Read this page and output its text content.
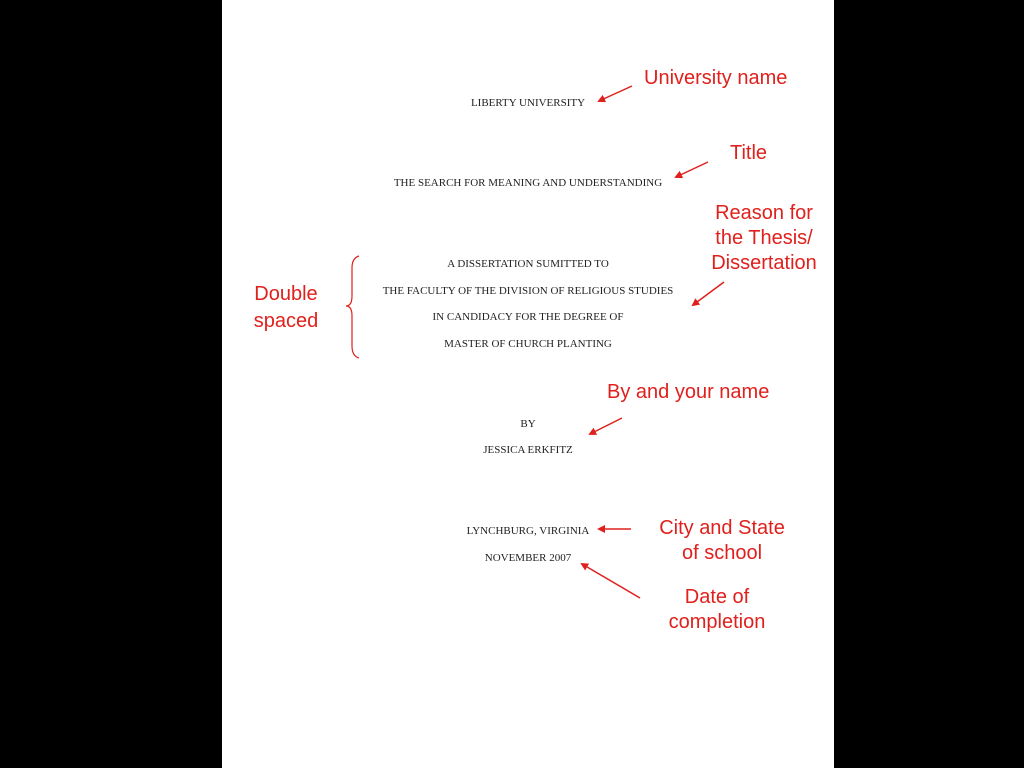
LIBERTY UNIVERSITY
THE SEARCH FOR MEANING AND UNDERSTANDING
A DISSERTATION SUMITTED TO
THE FACULTY OF THE DIVISION OF RELIGIOUS STUDIES
IN CANDIDACY FOR THE DEGREE OF
MASTER OF CHURCH PLANTING
BY
JESSICA ERKFITZ
LYNCHBURG, VIRGINIA
NOVEMBER 2007
University name
Title
Reason for
the Thesis/
Dissertation
Double
spaced
By and your name
City and State
of school
Date of
completion
